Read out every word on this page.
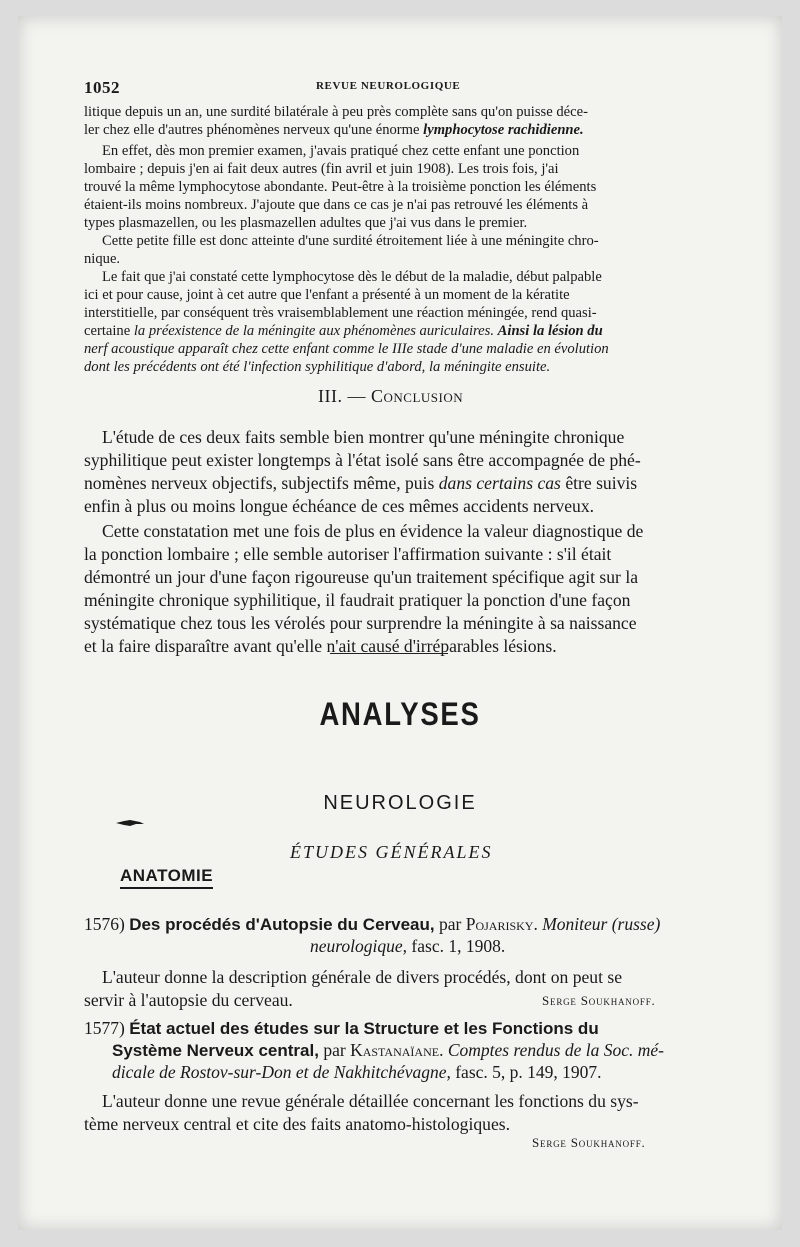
1052	REVUE NEUROLOGIQUE
litique depuis un an, une surdité bilatérale à peu près complète sans qu'on puisse déce-
ler chez elle d'autres phénomènes nerveux qu'une énorme lymphocytose rachidienne.
En effet, dès mon premier examen, j'avais pratiqué chez cette enfant une ponction
lombaire ; depuis j'en ai fait deux autres (fin avril et juin 1908). Les trois fois, j'ai
trouvé la même lymphocytose abondante. Peut-être à la troisième ponction les éléments
étaient-ils moins nombreux. J'ajoute que dans ce cas je n'ai pas retrouvé les éléments à
types plasmazellen, ou les plasmazellen adultes que j'ai vus dans le premier.
Cette petite fille est donc atteinte d'une surdité étroitement liée à une méningite chro-
nique.
Le fait que j'ai constaté cette lymphocytose dès le début de la maladie, début palpable
ici et pour cause, joint à cet autre que l'enfant a présenté à un moment de la kératite
interstitielle, par conséquent très vraisemblablement une réaction méningée, rend quasi-
certaine la préexistence de la méningite aux phénomènes auriculaires. Ainsi la lésion du
nerf acoustique apparaît chez cette enfant comme le IIIe stade d'une maladie en évolution
dont les précédents ont été l'infection syphilitique d'abord, la méningite ensuite.
III. — Conclusion
L'étude de ces deux faits semble bien montrer qu'une méningite chronique
syphilitique peut exister longtemps à l'état isolé sans être accompagnée de phé-
nomènes nerveux objectifs, subjectifs même, puis dans certains cas être suivis
enfin à plus ou moins longue échéance de ces mêmes accidents nerveux.
Cette constatation met une fois de plus en évidence la valeur diagnostique de
la ponction lombaire ; elle semble autoriser l'affirmation suivante : s'il était
démontré un jour d'une façon rigoureuse qu'un traitement spécifique agit sur la
méningite chronique syphilitique, il faudrait pratiquer la ponction d'une façon
systématique chez tous les vérolés pour surprendre la méningite à sa naissance
et la faire disparaître avant qu'elle n'ait causé d'irréparables lésions.
ANALYSES
NEUROLOGIE
ÉTUDES GÉNÉRALES
ANATOMIE
1576) Des procédés d'Autopsie du Cerveau, par Pojarisky. Moniteur (russe)
neurologique, fasc. 1, 1908.
L'auteur donne la description générale de divers procédés, dont on peut se
servir à l'autopsie du cerveau.	Serge Soukhanoff.
1577) État actuel des études sur la Structure et les Fonctions du
Système Nerveux central, par Kastanaïane. Comptes rendus de la Soc. mé-
dicale de Rostov-sur-Don et de Nakhitchévagne, fasc. 5, p. 149, 1907.
L'auteur donne une revue générale détaillée concernant les fonctions du sys-
tème nerveux central et cite des faits anatomo-histologiques.
Serge Soukhanoff.
